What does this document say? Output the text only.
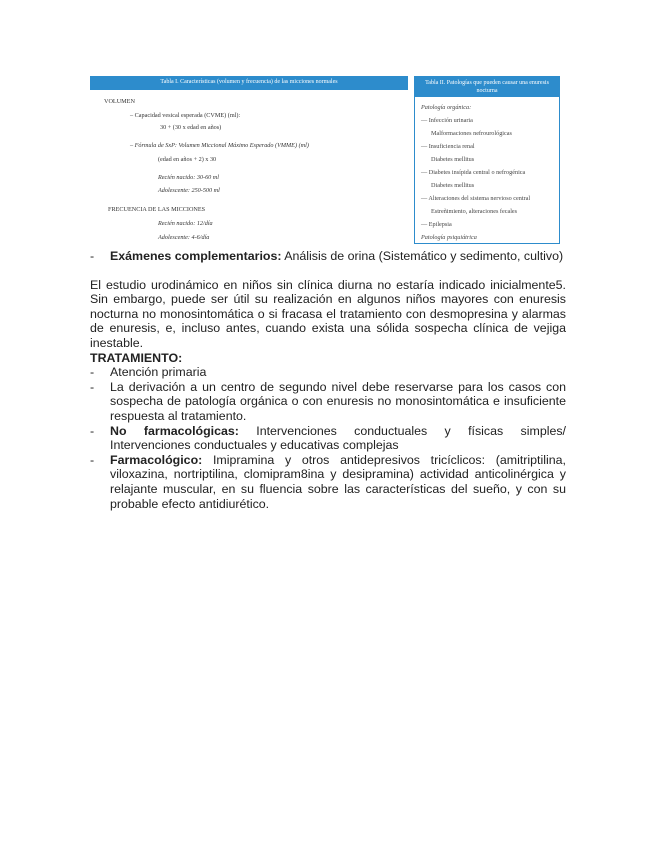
Tabla I. Características (volumen y frecuencia) de las micciones normales
VOLUMEN
– Capacidad vesical esperada (CVME) (ml):
30 + (30 x edad en años)
– Fórmula de SxP: Volumen Miccional Máximo Esperado (VMME) (ml)
(edad en años + 2) x 30
Recién nacido: 30-60 ml
Adolescente: 250-500 ml
FRECUENCIA DE LAS MICCIONES
Recién nacido: 12/día
Adolescente: 4-6/día
Tabla II. Patologías que pueden causar una enuresis nocturna
Patología orgánica:
— Infección urinaria
Malformaciones nefrourológicas
— Insuficiencia renal
Diabetes mellitus
— Diabetes insípida central o nefrogénica
Diabetes mellitus
— Alteraciones del sistema nervioso central
Estreñimiento, alteraciones fecales
— Epilepsia
Patología psiquiátrica
- Exámenes complementarios: Análisis de orina (Sistemático y sedimento, cultivo)

El estudio urodinámico en niños sin clínica diurna no estaría indicado inicialmente5. Sin embargo, puede ser útil su realización en algunos niños mayores con enuresis nocturna no monosintomática o si fracasa el tratamiento con desmopresina y alarmas de enuresis, e, incluso antes, cuando exista una sólida sospecha clínica de vejiga inestable.

TRATAMIENTO:
- Atención primaria
- La derivación a un centro de segundo nivel debe reservarse para los casos con sospecha de patología orgánica o con enuresis no monosintomática e insuficiente respuesta al tratamiento.
- No farmacológicas: Intervenciones conductuales y físicas simples/ Intervenciones conductuales y educativas complejas
- Farmacológico: Imipramina y otros antidepresivos tricíclicos: (amitriptilina, viloxazina, nortriptilina, clomipram8ina y desipramina) actividad anticolinérgica y relajante muscular, en su fluencia sobre las características del sueño, y con su probable efecto antidiurético.
